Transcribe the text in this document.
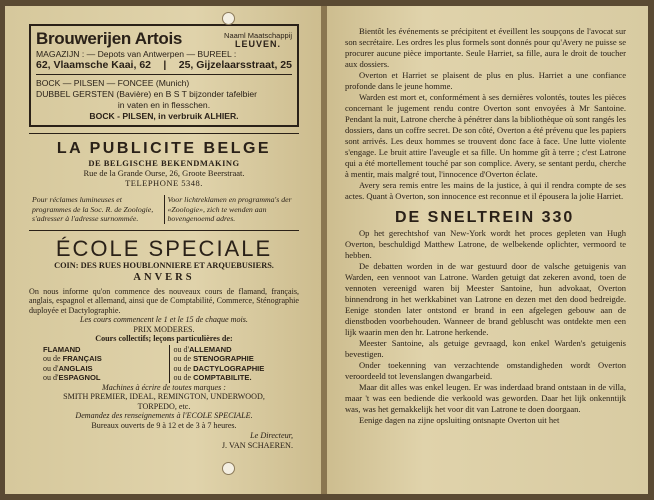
Brouwerijen Artois	Naaml Maatschappij
LEUVEN.
MAGAZIJN : — Depots van Antwerpen — BUREEL :
62, Vlaamsche Kaai, 62 | 25, Gijzelaarsstraat, 25
BOCK — PILSEN — FONCEE (Munich)
DUBBEL GERSTEN (Bavière) en B S T bijzonder tafelbier
in vaten en in flesschen.
BOCK - PILSEN, in verbruik ALHIER.
LA PUBLICITE BELGE
DE BELGISCHE BEKENDMAKING
Rue de la Grande Ourse, 26, Groote Beerstraat.
TELEPHONE 5348.
Pour réclames lumineuses et programmes de la Soc. R. de Zoologie, s'adresser à l'adresse surnommée.
Voor lichtreklamen en programma's der «Zoologie», zich te wenden aan bovengenoemd adres.
ÉCOLE SPECIALE
COIN: DES RUES HOUBLONNIERE ET ARQUEBUSIERS.
ANVERS

On nous informe qu'on commence des nouveaux cours de flamand, français, anglais, espagnol et allemand, ainsi que de Comptabilité, Commerce, Sténographie duployée et Dactylographie.

Les cours commencent le 1 et le 15 de chaque mois.
PRIX MODERES.
Cours collectifs; leçons particulières de:
FLAMAND
ou de FRANÇAIS
ou d'ANGLAIS
ou d'ESPAGNOL
ou d'ALLEMAND
ou de STENOGRAPHIE
ou de DACTYLOGRAPHIE
ou de COMPTABILITE.
Machines à écrire de toutes marques :
SMITH PREMIER, IDEAL, REMINGTON, UNDERWOOD,
TORPEDO, etc.
Demandez des renseignements à l'ECOLE SPECIALE.
Bureaux ouverts de 9 à 12 et de 3 à 7 heures.
Le Directeur,
J. VAN SCHAEREN.

Bientôt les événements se précipitent et éveillent les soupçons de l'avocat sur son secrétaire. Les ordres les plus formels sont donnés pour qu'Avery ne puisse se procurer aucune pièce importante. Seule Harriet, sa fille, aura le droit de toucher aux dossiers.

Overton et Harriet se plaisent de plus en plus. Harriet a une confiance profonde dans le jeune homme.

Warden est mort et, conformément à ses dernières volontés, toutes les pièces concernant le jugement rendu contre Overton sont envoyées à Mr Santoine. Pendant la nuit, Latrone cherche à pénétrer dans la bibliothèque où sont rangés les dossiers, dans un coffre secret. De son côté, Overton a été prévenu que les papiers sont arrivés. Les deux hommes se trouvent donc face à face. Une lutte violente s'engage. Le bruit attire l'aveugle et sa fille. Un homme gît à terre ; c'est Latrone qui a été mortellement touché par son complice. Avery, se sentant perdu, cherche à mentir, mais malgré tout, l'innocence d'Overton éclate.

Avery sera remis entre les mains de la justice, à qui il rendra compte de ses actes. Quant à Overton, son innocence est reconnue et il épousera la jolie Harriet.

DE SNELTREIN 330

Op het gerechtshof van New-York wordt het proces gepleten van Hugh Overton, beschuldigd Matthew Latrone, de welbekende oplichter, vermoord te hebben.

De debatten worden in de war gestuurd door de valsche getuigenis van Warden, een vennoot van Latrone. Warden getuigt dat zekeren avond, toen de vennoten vereenigd waren bij Meester Santoine, hun advokaat, Overton binnendrong in het werkkabinet van Latrone en dezen met den dood bedreigde. Eenige stonden later ontstond er brand in een afgelegen gebouw aan de dienstboden voorbehouden. Wanneer de brand gebluscht was ontdekte men een lijk waarin men den hr. Latrone herkende.

Meester Santoine, als getuige gevraagd, kon enkel Warden's getuigenis bevestigen.

Onder toekenning van verzachtende omstandigheden wordt Overton veroordeeld tot levenslangen dwangarbeid.

Maar dit alles was enkel leugen. Er was inderdaad brand ontstaan in de villa, maar 't was een bediende die verkoold was geworden. Daar het lijk onkenntijk was, was het gemakkelijk het voor dit van Latrone te doen doorgaan.

Eenige dagen na zijne opsluiting ontsnapte Overton uit het
